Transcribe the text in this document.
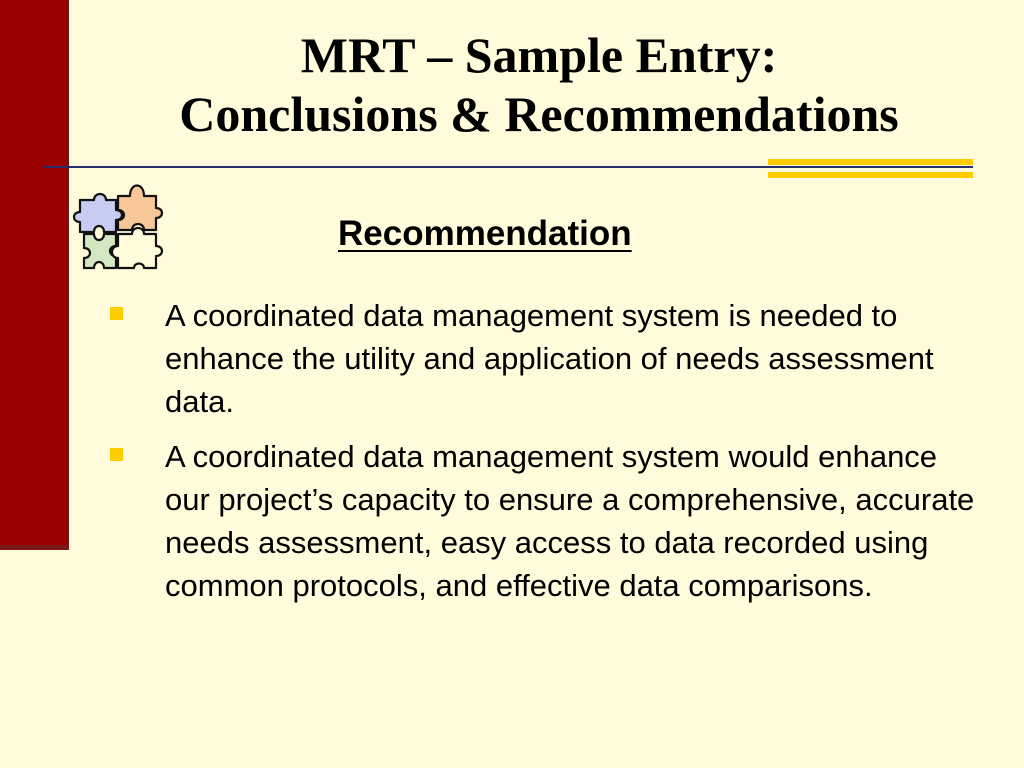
MRT – Sample Entry:
Conclusions & Recommendations
Recommendation
A coordinated data management system is needed to enhance the utility and application of needs assessment data.
A coordinated data management system would enhance our project’s capacity to ensure a comprehensive, accurate needs assessment, easy access to data recorded using common protocols, and effective data comparisons.
